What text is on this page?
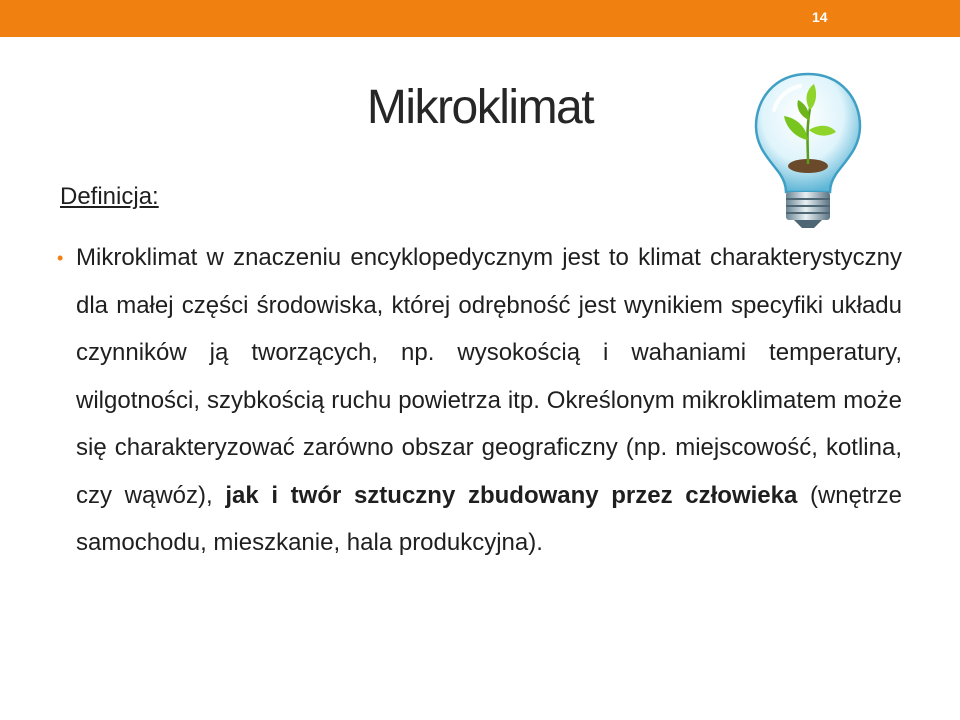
14
Mikroklimat
Definicja:
• Mikroklimat w znaczeniu encyklopedycznym jest to klimat charakterystyczny dla małej części środowiska, której odrębność jest wynikiem specyfiki układu czynników ją tworzących, np. wysokością i wahaniami temperatury, wilgotności, szybkością ruchu powietrza itp. Określonym mikroklimatem może się charakteryzować zarówno obszar geograficzny (np. miejscowość, kotlina, czy wąwóz), jak i twór sztuczny zbudowany przez człowieka (wnętrze samochodu, mieszkanie, hala produkcyjna).
